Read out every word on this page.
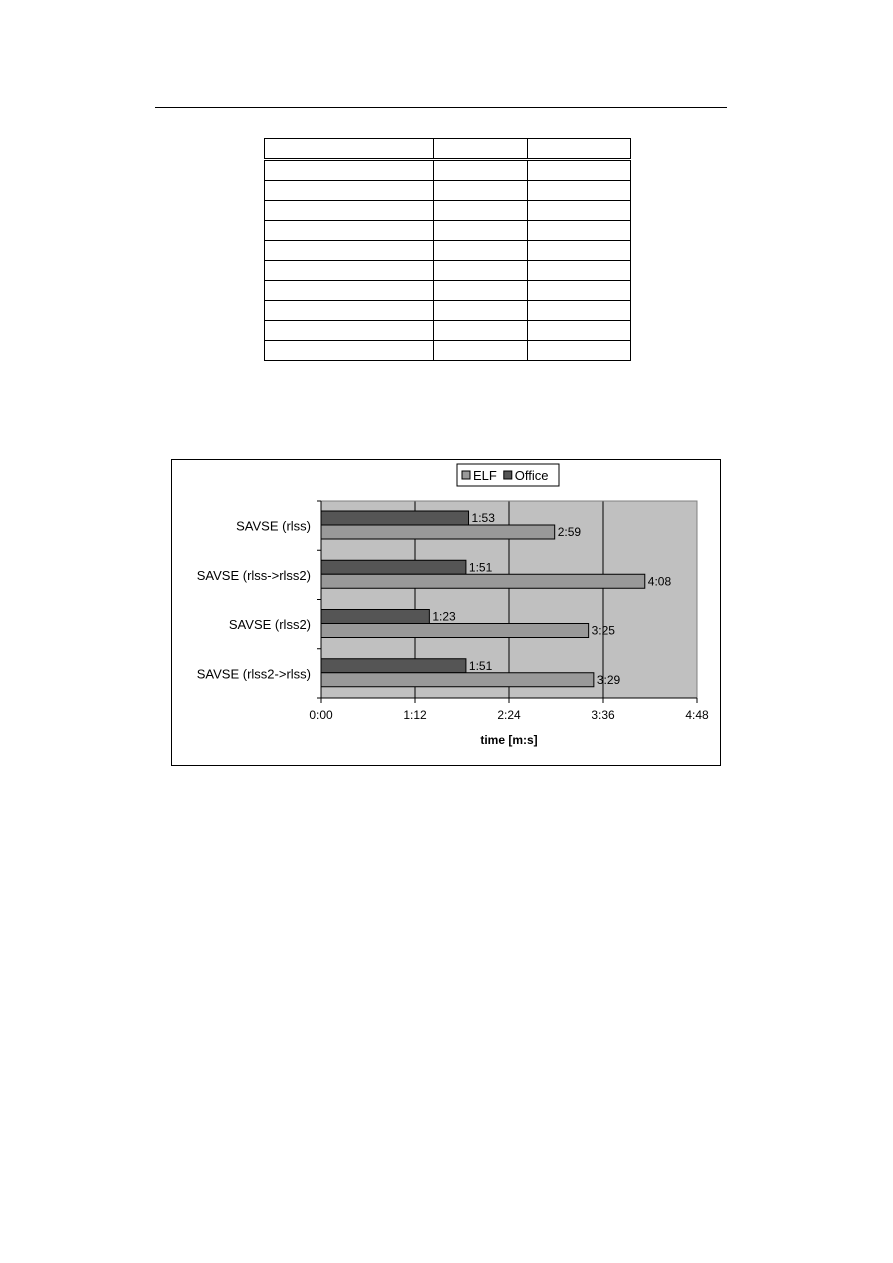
0:00	1:12	2:24	3:36	4:48
SAVSE (rlss)
1:53
2:59
SAVSE (rlss->rlss2)
1:51
4:08
SAVSE (rlss2)
1:23
3:25
SAVSE (rlss2->rlss)
1:51
3:29
time [m:s]
ELF Office
